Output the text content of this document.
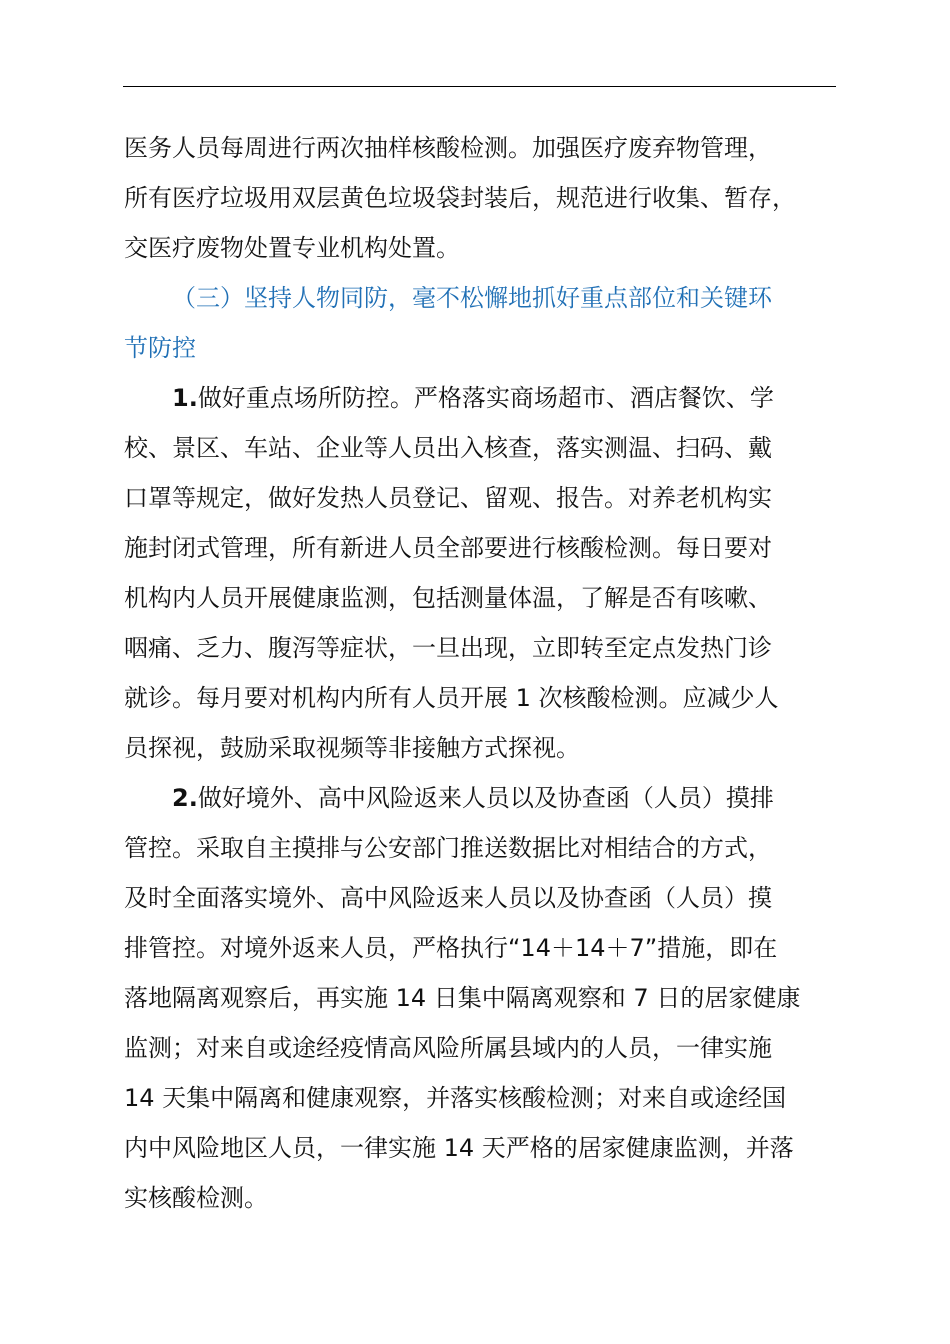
医务人员每周进行两次抽样核酸检测。加强医疗废弃物管理，
所有医疗垃圾用双层黄色垃圾袋封装后，规范进行收集、暂存，
交医疗废物处置专业机构处置。
（三）坚持人物同防，毫不松懈地抓好重点部位和关键环
节防控
1.做好重点场所防控。严格落实商场超市、酒店餐饮、学
校、景区、车站、企业等人员出入核查，落实测温、扫码、戴
口罩等规定，做好发热人员登记、留观、报告。对养老机构实
施封闭式管理，所有新进人员全部要进行核酸检测。每日要对
机构内人员开展健康监测，包括测量体温，了解是否有咳嗽、
咽痛、乏力、腹泻等症状，一旦出现，立即转至定点发热门诊
就诊。每月要对机构内所有人员开展 1 次核酸检测。应减少人
员探视，鼓励采取视频等非接触方式探视。
2.做好境外、高中风险返来人员以及协查函（人员）摸排
管控。采取自主摸排与公安部门推送数据比对相结合的方式，
及时全面落实境外、高中风险返来人员以及协查函（人员）摸
排管控。对境外返来人员，严格执行“14＋14＋7”措施，即在
落地隔离观察后，再实施 14 日集中隔离观察和 7 日的居家健康
监测；对来自或途经疫情高风险所属县域内的人员，一律实施
14 天集中隔离和健康观察，并落实核酸检测；对来自或途经国
内中风险地区人员，一律实施 14 天严格的居家健康监测，并落
实核酸检测。
